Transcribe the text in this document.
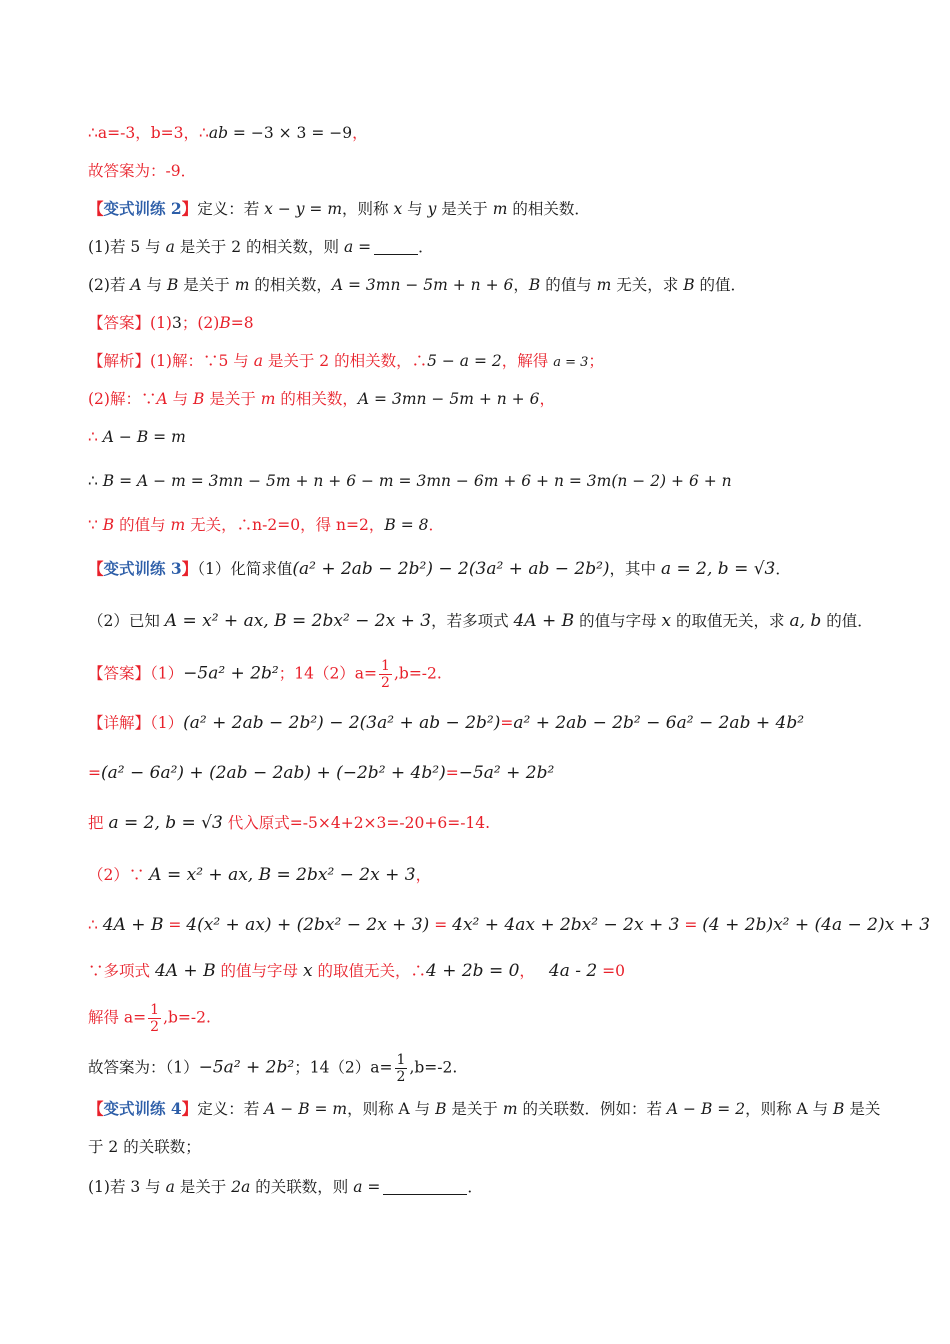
∴a=-3，b=3，∴ab = −3 × 3 = −9，
故答案为：-9．
【变式训练 2】定义：若 x − y = m，则称 x 与 y 是关于 m 的相关数．
(1)若 5 与 a 是关于 2 的相关数，则 a =	．
(2)若 A 与 B 是关于 m 的相关数，A = 3mn − 5m + n + 6，B 的值与 m 无关，求 B 的值．
【答案】(1)3；(2)B=8
【解析】(1)解：∵5 与 a 是关于 2 的相关数，∴5 − a = 2，解得 a = 3；
(2)解：∵A 与 B 是关于 m 的相关数，A = 3mn − 5m + n + 6，
∴ A − B = m
∴ B = A − m = 3mn − 5m + n + 6 − m = 3mn − 6m + 6 + n = 3m(n − 2) + 6 + n
∵ B 的值与 m 无关，∴n-2=0，得 n=2，B = 8．
【变式训练 3】（1）化简求值(a² + 2ab − 2b²) − 2(3a² + ab − 2b²)，其中 a = 2, b = √3．
（2）已知 A = x² + ax, B = 2bx² − 2x + 3，若多项式 4A + B 的值与字母 x 的取值无关，求 a, b 的值．
【答案】（1）−5a² + 2b²；$14(2)a= \frac{1}{2} ,b=-2$.
【详解】（1）(a² + 2ab − 2b²) − 2(3a² + ab − 2b²)=a² + 2ab − 2b² − 6a² − 2ab + 4b²
=(a² − 6a²) + (2ab − 2ab) + (−2b² + 4b²)=−5a² + 2b²
把 a = 2, b = √3 代入原式=-5×4+2×3=-20+6=-14.
（2）∵ A = x² + ax, B = 2bx² − 2x + 3，
∴ 4A + B = 4(x² + ax) + (2bx² − 2x + 3) = 4x² + 4ax + 2bx² − 2x + 3 = (4 + 2b)x² + (4a − 2)x + 3
∵多项式 4A + B 的值与字母 x 的取值无关，∴4 + 2b = 0， 4a - 2 =0
解得 $a= \frac{1}{2} ,b=-2$.
故答案为：（1）−5a² + 2b²；$14(2)a= \frac{1}{2} ,b=-2$.
【变式训练 4】定义：若 A − B = m，则称 A 与 B 是关于 m 的关联数．例如：若 A − B = 2，则称 A 与 B 是关
于 2 的关联数；
(1)若 3 与 a 是关于 2a 的关联数，则 a =	．
